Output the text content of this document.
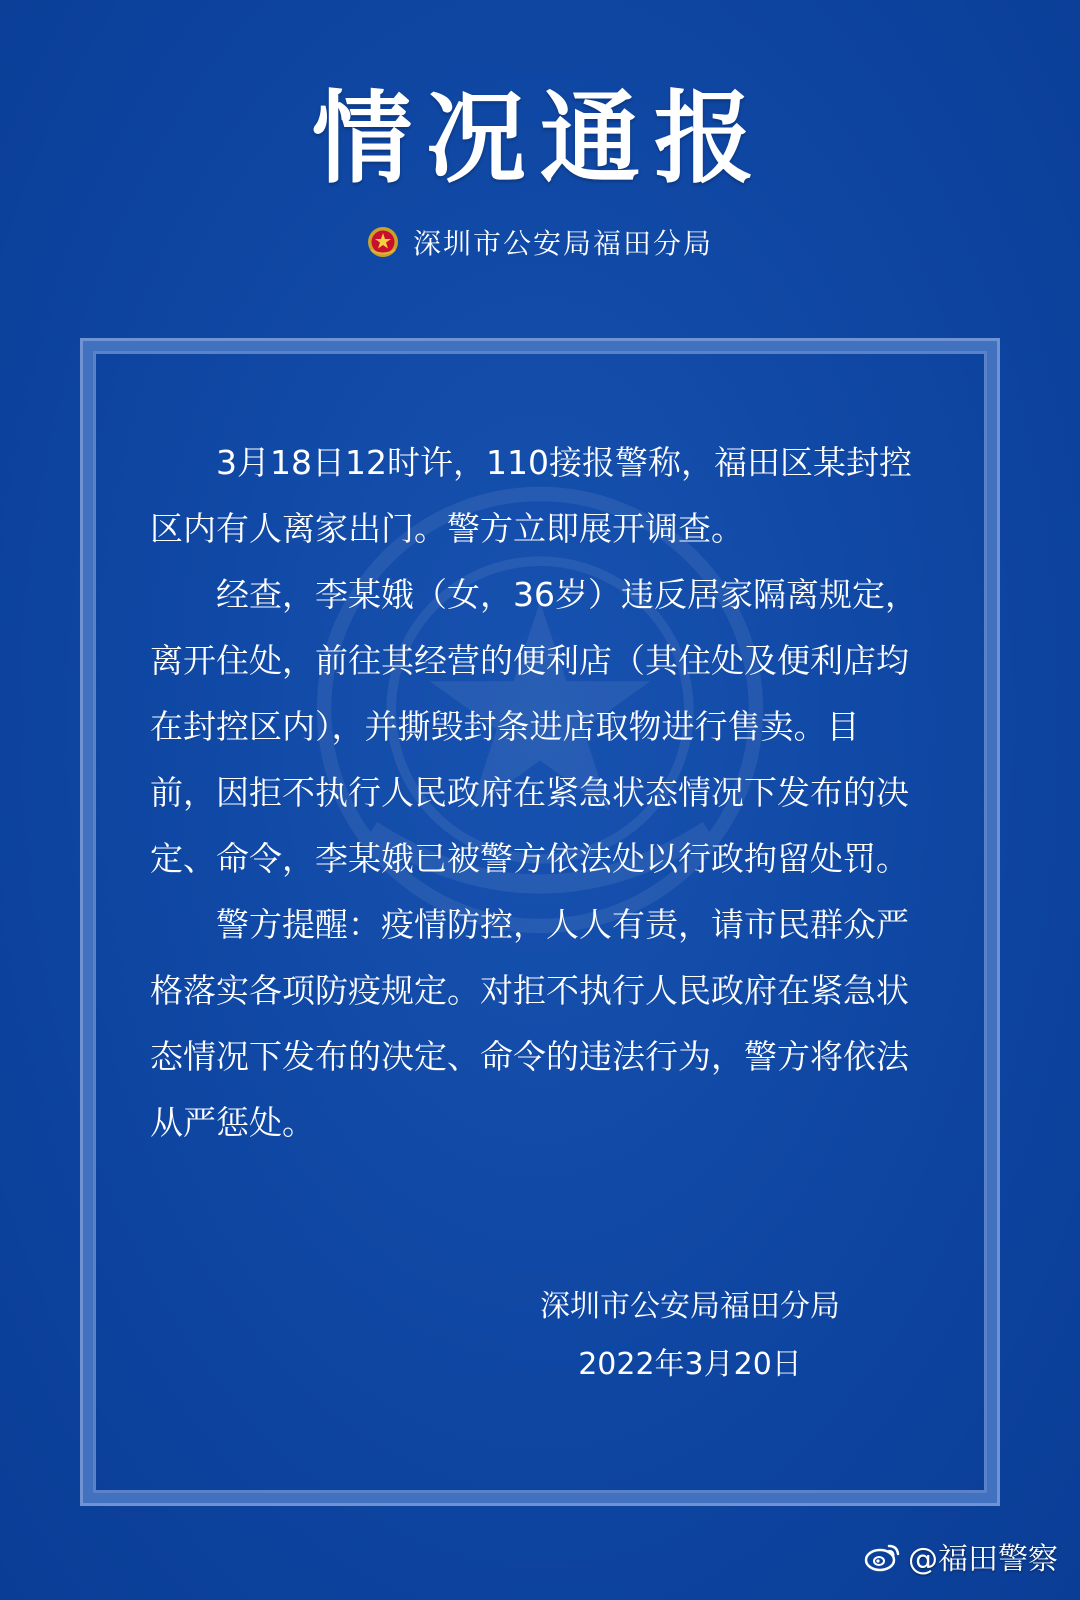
情况通报
深圳市公安局福田分局

3月18日12时许，110接报警称，福田区某封控区内有人离家出门。警方立即展开调查。

经查，李某娥（女，36岁）违反居家隔离规定，离开住处，前往其经营的便利店（其住处及便利店均在封控区内），并撕毁封条进店取物进行售卖。目前，因拒不执行人民政府在紧急状态情况下发布的决定、命令，李某娥已被警方依法处以行政拘留处罚。

警方提醒：疫情防控，人人有责，请市民群众严格落实各项防疫规定。对拒不执行人民政府在紧急状态情况下发布的决定、命令的违法行为，警方将依法从严惩处。

深圳市公安局福田分局
2022年3月20日
@福田警察
